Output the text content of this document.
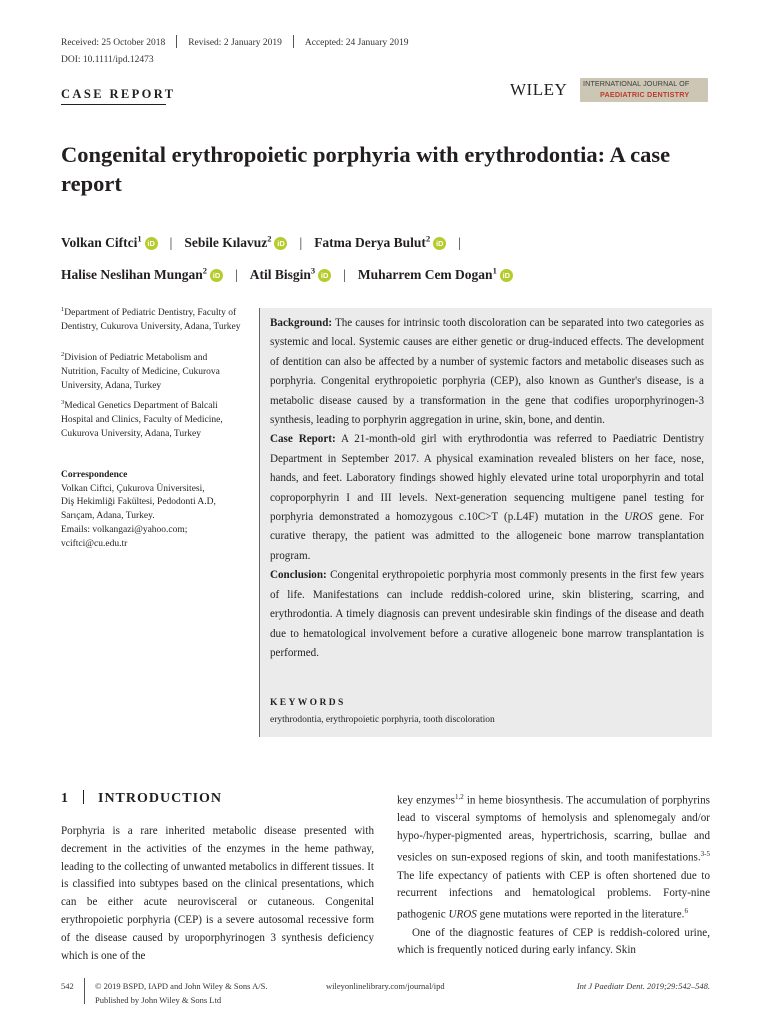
Received: 25 October 2018 Revised: 2 January 2019 Accepted: 24 January 2019
DOI: 10.1111/ipd.12473
CASE REPORT	WILEY INTERNATIONAL JOURNAL OF
PAEDIATRIC DENTISTRY
Congenital erythropoietic porphyria with erythrodontia: A case report
Volkan Ciftci$^1$ iD | Sebile Kılavuz$^2$ iD | Fatma Derya Bulut$^2$ iD |
Halise Neslihan Mungan$^2$ iD | Atil Bisgin$^3$ iD | Muharrem Cem Dogan$^1$ iD
$^1$Department of Pediatric Dentistry, Faculty of Dentistry, Cukurova University, Adana, Turkey
$^2$Division of Pediatric Metabolism and Nutrition, Faculty of Medicine, Cukurova University, Adana, Turkey
$^3$Medical Genetics Department of Balcali Hospital and Clinics, Faculty of Medicine, Cukurova University, Adana, Turkey
Correspondence
Volkan Ciftci, Çukurova Üniversitesi,
Diş Hekimliği Fakültesi, Pedodonti A.D,
Sarıçam, Adana, Turkey.
Emails: volkangazi@yahoo.com;
vciftci@cu.edu.tr

Background: The causes for intrinsic tooth discoloration can be separated into two categories as systemic and local. Systemic causes are either genetic or drug-induced effects. The development of dentition can also be affected by a number of systemic factors and metabolic diseases such as porphyria. Congenital erythropoietic porphyria (CEP), also known as Gunther's disease, is a metabolic disease caused by a transformation in the gene that codifies uroporphyrinogen-3 synthesis, leading to porphyrin aggregation in urine, skin, bone, and dentin.

Case Report: A 21-month-old girl with erythrodontia was referred to Paediatric Dentistry Department in September 2017. A physical examination revealed blisters on her face, nose, hands, and feet. Laboratory findings showed highly elevated urine total uroporphyrin and total coproporphyrin I and III levels. Next-generation sequencing multigene panel testing for porphyria demonstrated a homozygous c.10C>T (p.L4F) mutation in the UROS gene. For curative therapy, the patient was admitted to the allogeneic bone marrow transplantation program.

Conclusion: Congenital erythropoietic porphyria most commonly presents in the first few years of life. Manifestations can include reddish-colored urine, skin blistering, scarring, and erythrodontia. A timely diagnosis can prevent undesirable skin findings of the disease and death due to hematological involvement before a curative allogeneic bone marrow transplantation is performed.

KEYWORDS
erythrodontia, erythropoietic porphyria, tooth discoloration
1 INTRODUCTION

Porphyria is a rare inherited metabolic disease presented with decrement in the activities of the enzymes in the heme pathway, leading to the collecting of unwanted metabolics in different tissues. It is classified into subtypes based on the clinical presentations, which can be either acute neurovisceral or cutaneous. Congenital erythropoietic porphyria (CEP) is a severe autosomal recessive form of the disease caused by uroporphyrinogen 3 synthesis deficiency which is one of the

key enzymes$^{1,2}$ in heme biosynthesis. The accumulation of porphyrins lead to visceral symptoms of hemolysis and splenomegaly and/or hypo-/hyper-pigmented areas, hypertrichosis, scarring, bullae and vesicles on sun-exposed regions of skin, and tooth manifestations.$^{3-5}$ The life expectancy of patients with CEP is often shortened due to recurrent infections and hematological problems. Forty-nine pathogenic UROS gene mutations were reported in the literature.$^6$

One of the diagnostic features of CEP is reddish-colored urine, which is frequently noticed during early infancy. Skin

542	© 2019 BSPD, IAPD and John Wiley & Sons A/S.
Published by John Wiley & Sons Ltd
wileyonlinelibrary.com/journal/ipd	Int J Paediatr Dent. 2019;29:542–548.
